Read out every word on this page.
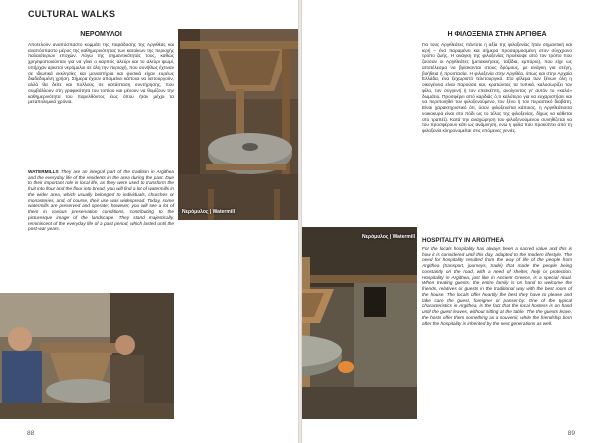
CULTURAL WALKS
ΝΕΡΟΜΥΛΟΙ

Αποτελούν αναπόσπαστο κομμάτι της παράδοσης της Αργιθέας και αναπόσπαστο μέρος της καθημερινότητας των κατοίκων της περιοχής παλαιότερων εποχών. Λόγω της σημαντικότητάς τους, καθώς χρησιμοποιούνταν για να γίνει ο καρπός αλεύρι και το αλεύρι ψωμί, υπήρχαν αρκετοί νερόμυλοι σε όλη την περιοχή, που συνήθως έχτιναν σε ιδιωτικά εκκλησίες και μοναστήρια και φυσικά είχαν ευρέως διαδεδομένη χρήση. Σήμερα έχουν απομείνει κάποιοι να λειτουργούν, αλλά θα δείτε και πολλούς σε κατάσταση συντήρησης, που συμβάλλουν στη γραφικότητα του τοπίου και μένουν να θυμίζουν την καθημερινότητα του παρελθόντος έως όπου ήταν μέχρι τα μεταπολεμικά χρόνια.

WATERMILLS They are an integral part of the tradition in Argithea and the everyday life of the residents in the area during the past. Due to their important role in local life, as they were used to transform the fruit into flour and the flour into bread, you will find a lot of watermills in the wider area, which usually belonged to individuals, churches or monasteries, and, of course, their use was widespread. Today, some watermills are preserved and operate; however, you will see a lot of them in various preservation conditions, contributing to the picturesque image of the landscape. They stand majestically, reminiscent of the everyday life of a past period, which lasted until the post-war years.

Νερόμυλος | Watermill
88
Νερόμυλος | Watermill
Η ΦΙΛΟΞΕΝΙΑ ΣΤΗΝ ΑΡΓΙΘΕΑ

Για τους Αργιθεάτες πάντοτε η αξία της φιλοξενίας ήταν σημαντική και ιερή – ένα παραμένει και σήμερα προσαρμοσμένη στον σύγχρονο τρόπο ζωής. Η ανάγκη της φιλοξενίας προέκυψε από τον τρόπο που ζούσαν οι Αργιθεάτες (μετακινήσεις, ταξίδια, εμπόριο), που είχε ως αποτέλεσμα να βρίσκονται στους δρόμους, με ανάγκη για στέγη, βοήθεια ή προστασία. Η φιλοξενία στην Αργιθέα, όπως και στην Αρχαία Ελλάδα, ένα ξεχωριστό τελετουργικό. Στο φίλεμα των ξένων όλη η οικογένεια είναι παρούσα και, κρατώντας τα τυπικά, καλοσωρίζει τον φίλο, τον συγγενή ή τον επισκέπτη, ανοίγοντας γι' αυτόν το «καλό» δωμάτιο. Προσφέρει από καρδιάς ό,τι καλύτερο για να ευχαριστήσει και να περιποιηθεί τον φιλοξενούμενο, τον ξένο ή τον περαστικό διαβάτη. Είναι χαρακτηριστικό ότι, όσον φιλοξενείται κάποιος, η Αργιθεάτισσα νοικοκυρά είναι στο πόδι ως το τέλος της φιλοξενίας, δίχως να κάθεται στο τραπέζι. Κατά την αναχώρηση του φιλοξενούμενου συνηθίζεται να του προσφέρουν κάτι ως ανάμνηση, ενώ η φιλία που προκύπτει από τη φιλοξενία κληρονομείται στις επόμενες γενιές.

HOSPITALITY IN ARGITHEA

For the locals hospitality has always been a sacred value and this is how it is considered until this day, adapted to the modern lifestyle. The need for hospitality resulted from the way of life of the people from Argithea (transport, journeys, trade) that made the people being constantly on the road, with a need of shelter, help or protection. Hospitality in Argithea, just like in Ancient Greece, is a special ritual. When treating guests, the entire family is on hand to welcome the friends, relatives or guests in the traditional way with the best room of the house. The locals offer heartily the best they have to please and take care the guest, foreigner or passer-by. One of the typical characteristics in Argithea, is the fact that the local hostess is on hand until the guest leaves, without sitting at the table. The the guests leave, the hosts offer them something as a souvenir, while the friendship born after the hospitality is inherited by the next generations as well.

89
